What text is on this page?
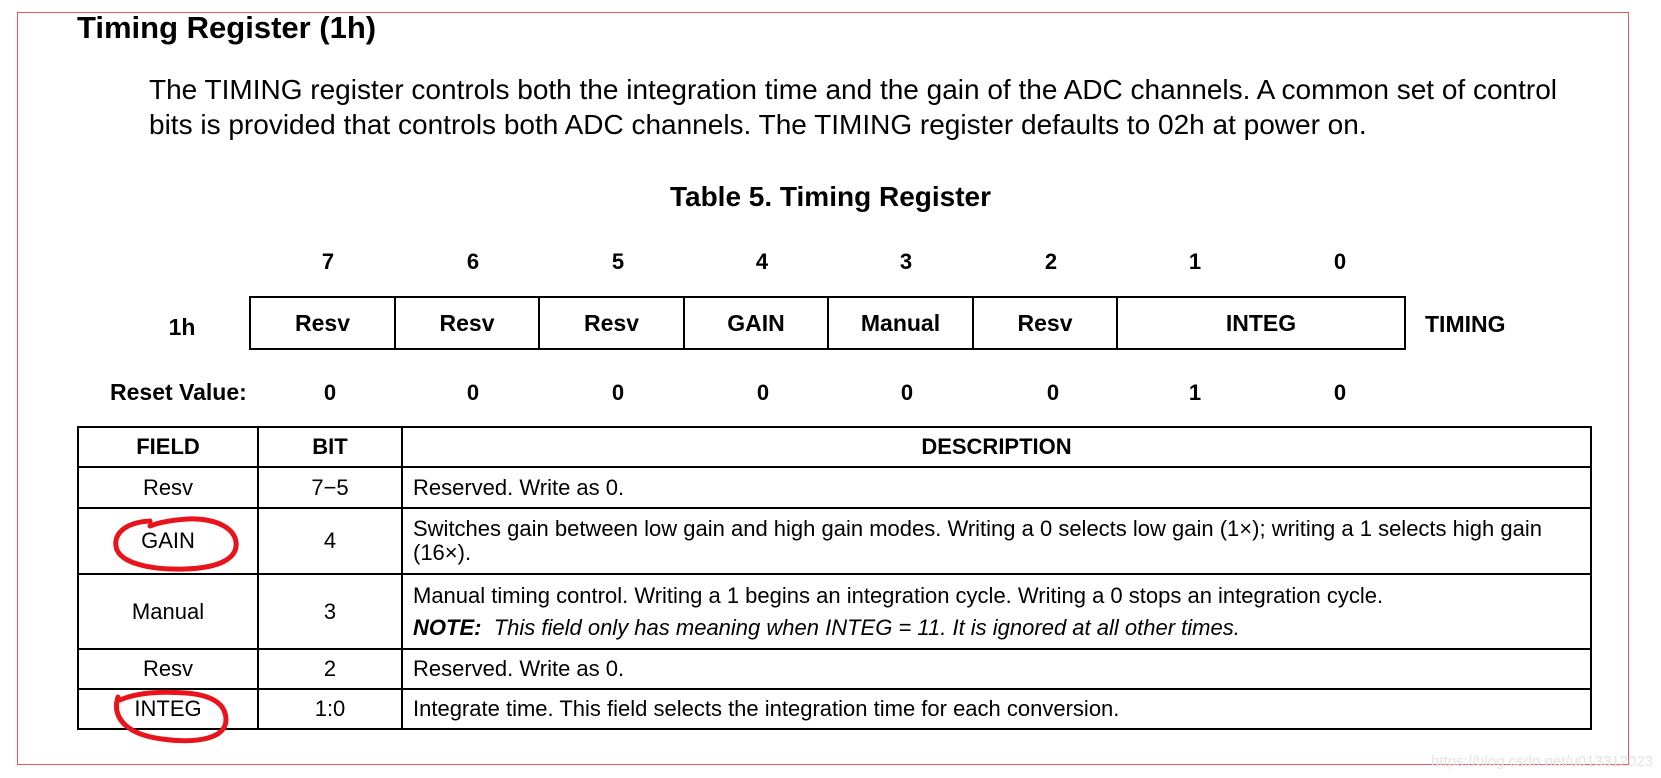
Timing Register (1h)
The TIMING register controls both the integration time and the gain of the ADC channels. A common set of control bits is provided that controls both ADC channels. The TIMING register defaults to 02h at power on.
Table 5. Timing Register
7	6	5	4	3	2	1	0
1h	Resv	Resv	Resv	GAIN	Manual	Resv	INTEG	TIMING
Reset Value:	0	0	0	0	0	0	1	0
FIELD	BIT	DESCRIPTION
Resv	7−5	Reserved. Write as 0.
GAIN	4	Switches gain between low gain and high gain modes. Writing a 0 selects low gain (1×); writing a 1 selects high gain (16×).
Manual	3	Manual timing control. Writing a 1 begins an integration cycle. Writing a 0 stops an integration cycle.
NOTE: This field only has meaning when INTEG = 11. It is ignored at all other times.

Resv	2	Reserved. Write as 0.
INTEG	1:0	Integrate time. This field selects the integration time for each conversion.
https://blog.csdn.net/u013312023
